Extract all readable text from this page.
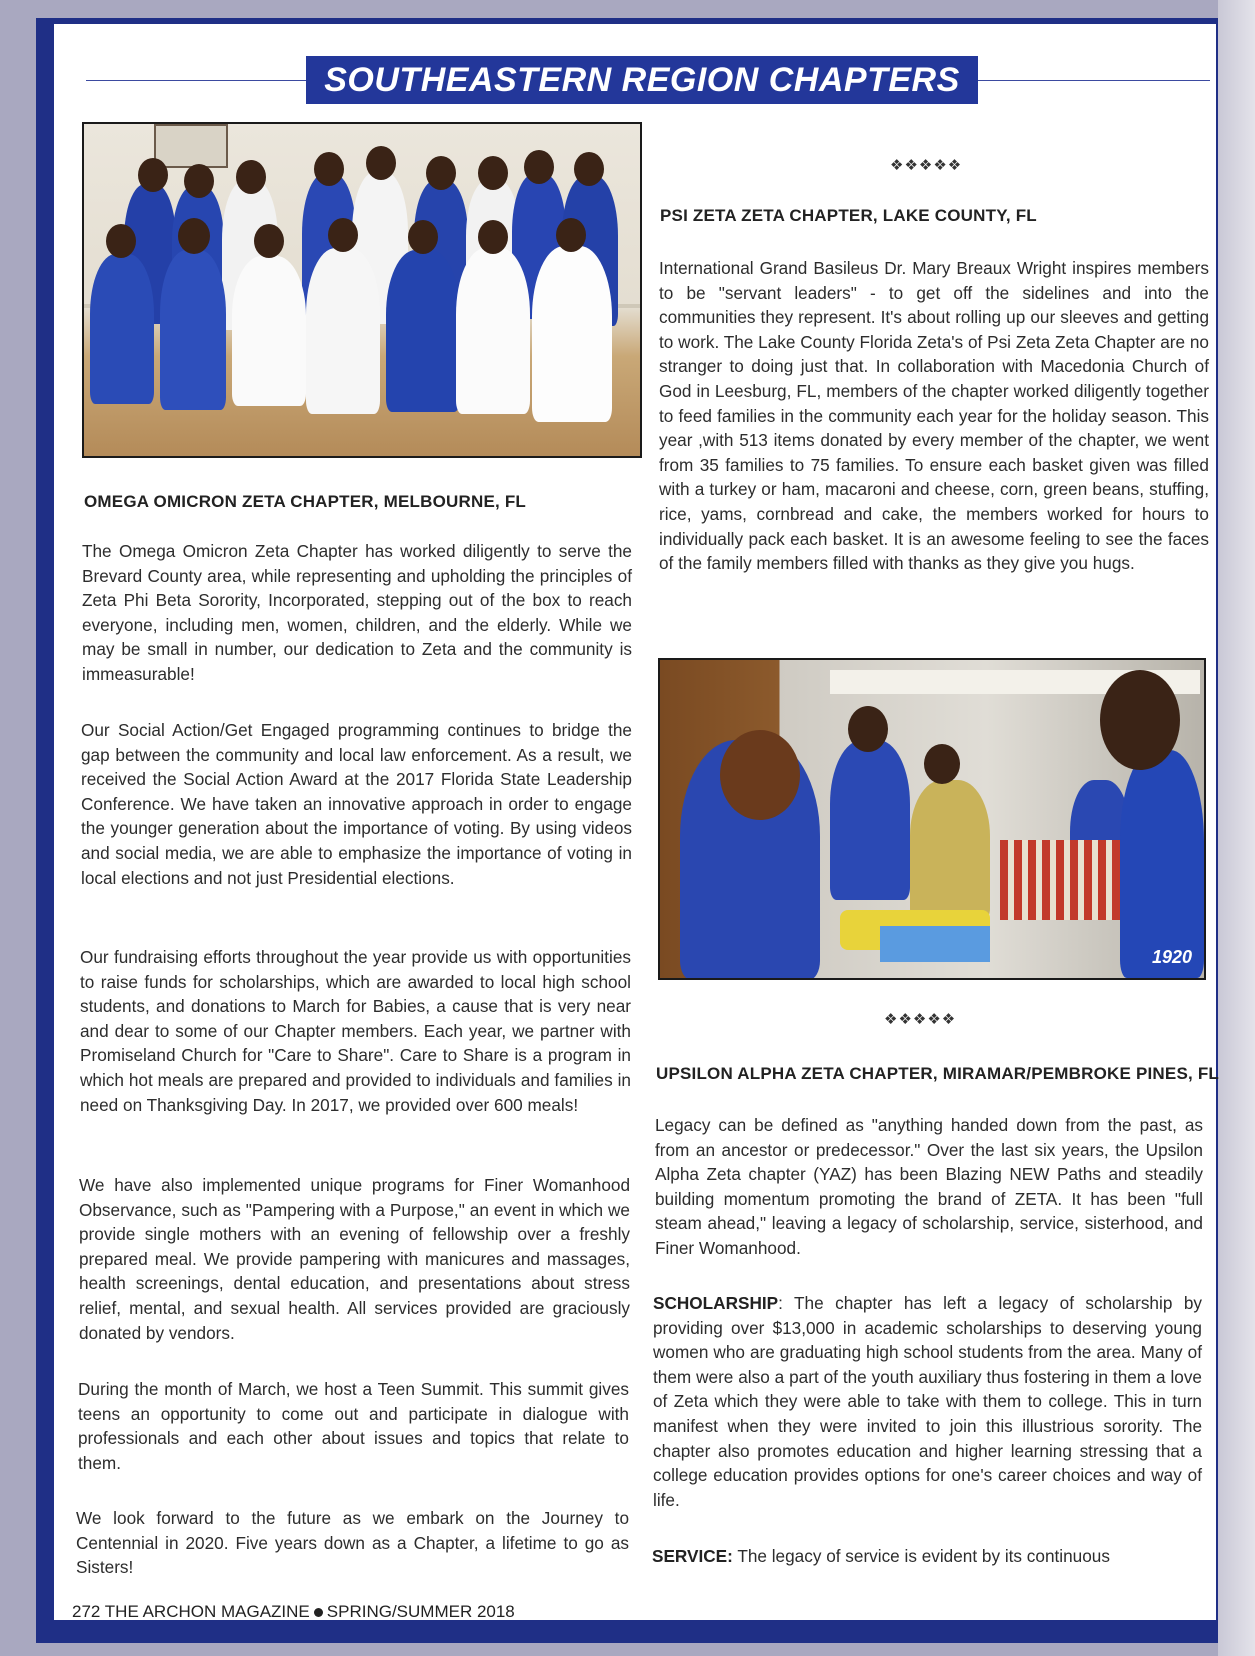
SOUTHEASTERN REGION CHAPTERS
OMEGA OMICRON ZETA CHAPTER, MELBOURNE, FL

The Omega Omicron Zeta Chapter has worked diligently to serve the Brevard County area, while representing and upholding the principles of Zeta Phi Beta Sorority, Incorporated, stepping out of the box to reach everyone, including men, women, children, and the elderly. While we may be small in number, our dedication to Zeta and the community is immeasurable!

Our Social Action/Get Engaged programming continues to bridge the gap between the community and local law enforcement. As a result, we received the Social Action Award at the 2017 Florida State Leadership Conference. We have taken an innovative approach in order to engage the younger generation about the importance of voting. By using videos and social media, we are able to emphasize the importance of voting in local elections and not just Presidential elections.

Our fundraising efforts throughout the year provide us with opportunities to raise funds for scholarships, which are awarded to local high school students, and donations to March for Babies, a cause that is very near and dear to some of our Chapter members. Each year, we partner with Promiseland Church for "Care to Share". Care to Share is a program in which hot meals are prepared and provided to individuals and families in need on Thanksgiving Day. In 2017, we provided over 600 meals!

We have also implemented unique programs for Finer Womanhood Observance, such as "Pampering with a Purpose," an event in which we provide single mothers with an evening of fellowship over a freshly prepared meal. We provide pampering with manicures and massages, health screenings, dental education, and presentations about stress relief, mental, and sexual health. All services provided are graciously donated by vendors.

During the month of March, we host a Teen Summit. This summit gives teens an opportunity to come out and participate in dialogue with professionals and each other about issues and topics that relate to them.

We look forward to the future as we embark on the Journey to Centennial in 2020. Five years down as a Chapter, a lifetime to go as Sisters!

❖❖❖❖❖
PSI ZETA ZETA CHAPTER, LAKE COUNTY, FL

International Grand Basileus Dr. Mary Breaux Wright inspires members to be "servant leaders" - to get off the sidelines and into the communities they represent. It's about rolling up our sleeves and getting to work. The Lake County Florida Zeta's of Psi Zeta Zeta Chapter are no stranger to doing just that. In collaboration with Macedonia Church of God in Leesburg, FL, members of the chapter worked diligently together to feed families in the community each year for the holiday season. This year ,with 513 items donated by every member of the chapter, we went from 35 families to 75 families. To ensure each basket given was filled with a turkey or ham, macaroni and cheese, corn, green beans, stuffing, rice, yams, cornbread and cake, the members worked for hours to individually pack each basket. It is an awesome feeling to see the faces of the family members filled with thanks as they give you hugs.

1920
❖❖❖❖❖
UPSILON ALPHA ZETA CHAPTER, MIRAMAR/PEMBROKE PINES, FL

Legacy can be defined as "anything handed down from the past, as from an ancestor or predecessor." Over the last six years, the Upsilon Alpha Zeta chapter (YAZ) has been Blazing NEW Paths and steadily building momentum promoting the brand of ZETA. It has been "full steam ahead," leaving a legacy of scholarship, service, sisterhood, and Finer Womanhood.

SCHOLARSHIP: The chapter has left a legacy of scholarship by providing over $13,000 in academic scholarships to deserving young women who are graduating high school students from the area. Many of them were also a part of the youth auxiliary thus fostering in them a love of Zeta which they were able to take with them to college. This in turn manifest when they were invited to join this illustrious sorority. The chapter also promotes education and higher learning stressing that a college education provides options for one's career choices and way of life.

SERVICE: The legacy of service is evident by its continuous

272 THE ARCHON MAGAZINE SPRING/SUMMER 2018
